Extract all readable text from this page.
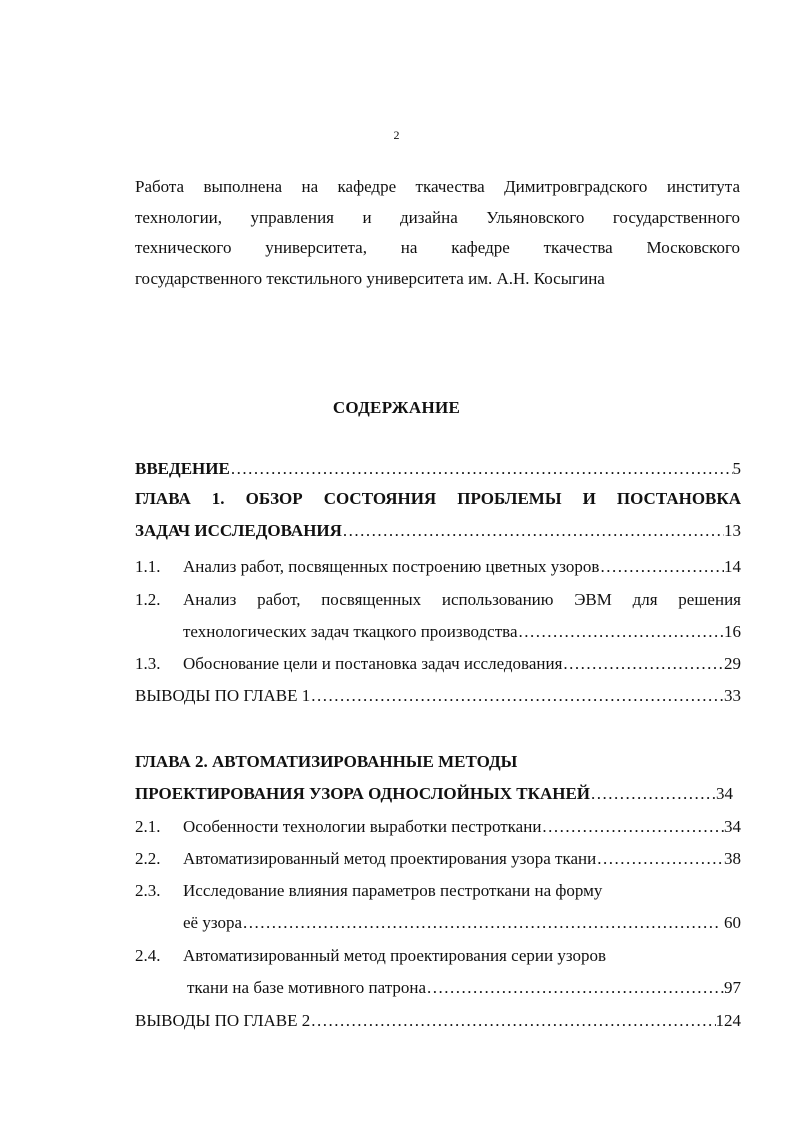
2
Работа выполнена на кафедре ткачества Димитровградского института
технологии, управления и дизайна Ульяновского государственного
технического университета, на кафедре ткачества Московского
государственного текстильного университета им. А.Н. Косыгина
СОДЕРЖАНИЕ
ВВЕДЕНИЕ .....	5
ГЛАВА 1. ОБЗОР СОСТОЯНИЯ ПРОБЛЕМЫ И ПОСТАНОВКА
ЗАДАЧ ИССЛЕДОВАНИЯ .....	13
1.1.	Анализ работ, посвященных построению цветных узоров .....	14
1.2.	Анализ работ, посвященных использованию ЭВМ для решения
технологических задач ткацкого производства .....	16
1.3.	Обоснование цели и постановка задач исследования .....	29
ВЫВОДЫ ПО ГЛАВЕ 1 .....	33
ГЛАВА 2. АВТОМАТИЗИРОВАННЫЕ МЕТОДЫ
ПРОЕКТИРОВАНИЯ УЗОРА ОДНОСЛОЙНЫХ ТКАНЕЙ .....	34
2.1.	Особенности технологии выработки пестроткани .....	34
2.2.	Автоматизированный метод проектирования узора ткани .....	38
2.3.	Исследование влияния параметров пестроткани на форму
её узора .....	60
2.4.	Автоматизированный метод проектирования серии узоров
ткани на базе мотивного патрона .....	97
ВЫВОДЫ ПО ГЛАВЕ 2 .....	124
